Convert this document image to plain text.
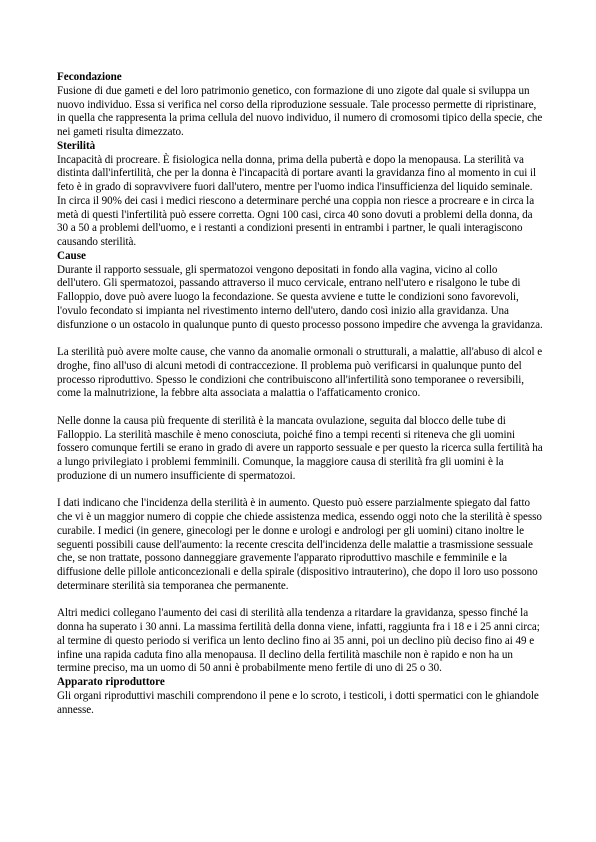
Fecondazione

Fusione di due gameti e del loro patrimonio genetico, con formazione di uno zigote dal quale si sviluppa un nuovo individuo. Essa si verifica nel corso della riproduzione sessuale. Tale processo permette di ripristinare, in quella che rappresenta la prima cellula del nuovo individuo, il numero di cromosomi tipico della specie, che nei gameti risulta dimezzato.

Sterilità

Incapacità di procreare. È fisiologica nella donna, prima della pubertà e dopo la menopausa. La sterilità va distinta dall'infertilità, che per la donna è l'incapacità di portare avanti la gravidanza fino al momento in cui il feto è in grado di sopravvivere fuori dall'utero, mentre per l'uomo indica l'insufficienza del liquido seminale. In circa il 90% dei casi i medici riescono a determinare perché una coppia non riesce a procreare e in circa la metà di questi l'infertilità può essere corretta. Ogni 100 casi, circa 40 sono dovuti a problemi della donna, da 30 a 50 a problemi dell'uomo, e i restanti a condizioni presenti in entrambi i partner, le quali interagiscono causando sterilità.

Cause

Durante il rapporto sessuale, gli spermatozoi vengono depositati in fondo alla vagina, vicino al collo dell'utero. Gli spermatozoi, passando attraverso il muco cervicale, entrano nell'utero e risalgono le tube di Falloppio, dove può avere luogo la fecondazione. Se questa avviene e tutte le condizioni sono favorevoli, l'ovulo fecondato si impianta nel rivestimento interno dell'utero, dando così inizio alla gravidanza. Una disfunzione o un ostacolo in qualunque punto di questo processo possono impedire che avvenga la gravidanza.

La sterilità può avere molte cause, che vanno da anomalie ormonali o strutturali, a malattie, all'abuso di alcol e droghe, fino all'uso di alcuni metodi di contraccezione. Il problema può verificarsi in qualunque punto del processo riproduttivo. Spesso le condizioni che contribuiscono all'infertilità sono temporanee o reversibili, come la malnutrizione, la febbre alta associata a malattia o l'affaticamento cronico.

Nelle donne la causa più frequente di sterilità è la mancata ovulazione, seguita dal blocco delle tube di Falloppio. La sterilità maschile è meno conosciuta, poiché fino a tempi recenti si riteneva che gli uomini fossero comunque fertili se erano in grado di avere un rapporto sessuale e per questo la ricerca sulla fertilità ha a lungo privilegiato i problemi femminili. Comunque, la maggiore causa di sterilità fra gli uomini è la produzione di un numero insufficiente di spermatozoi.

I dati indicano che l'incidenza della sterilità è in aumento. Questo può essere parzialmente spiegato dal fatto che vi è un maggior numero di coppie che chiede assistenza medica, essendo oggi noto che la sterilità è spesso curabile. I medici (in genere, ginecologi per le donne e urologi e andrologi per gli uomini) citano inoltre le seguenti possibili cause dell'aumento: la recente crescita dell'incidenza delle malattie a trasmissione sessuale che, se non trattate, possono danneggiare gravemente l'apparato riproduttivo maschile e femminile e la diffusione delle pillole anticoncezionali e della spirale (dispositivo intrauterino), che dopo il loro uso possono determinare sterilità sia temporanea che permanente.

Altri medici collegano l'aumento dei casi di sterilità alla tendenza a ritardare la gravidanza, spesso finché la donna ha superato i 30 anni. La massima fertilità della donna viene, infatti, raggiunta fra i 18 e i 25 anni circa; al termine di questo periodo si verifica un lento declino fino ai 35 anni, poi un declino più deciso fino ai 49 e infine una rapida caduta fino alla menopausa. Il declino della fertilità maschile non è rapido e non ha un termine preciso, ma un uomo di 50 anni è probabilmente meno fertile di uno di 25 o 30.

Apparato riproduttore

Gli organi riproduttivi maschili comprendono il pene e lo scroto, i testicoli, i dotti spermatici con le ghiandole annesse.
